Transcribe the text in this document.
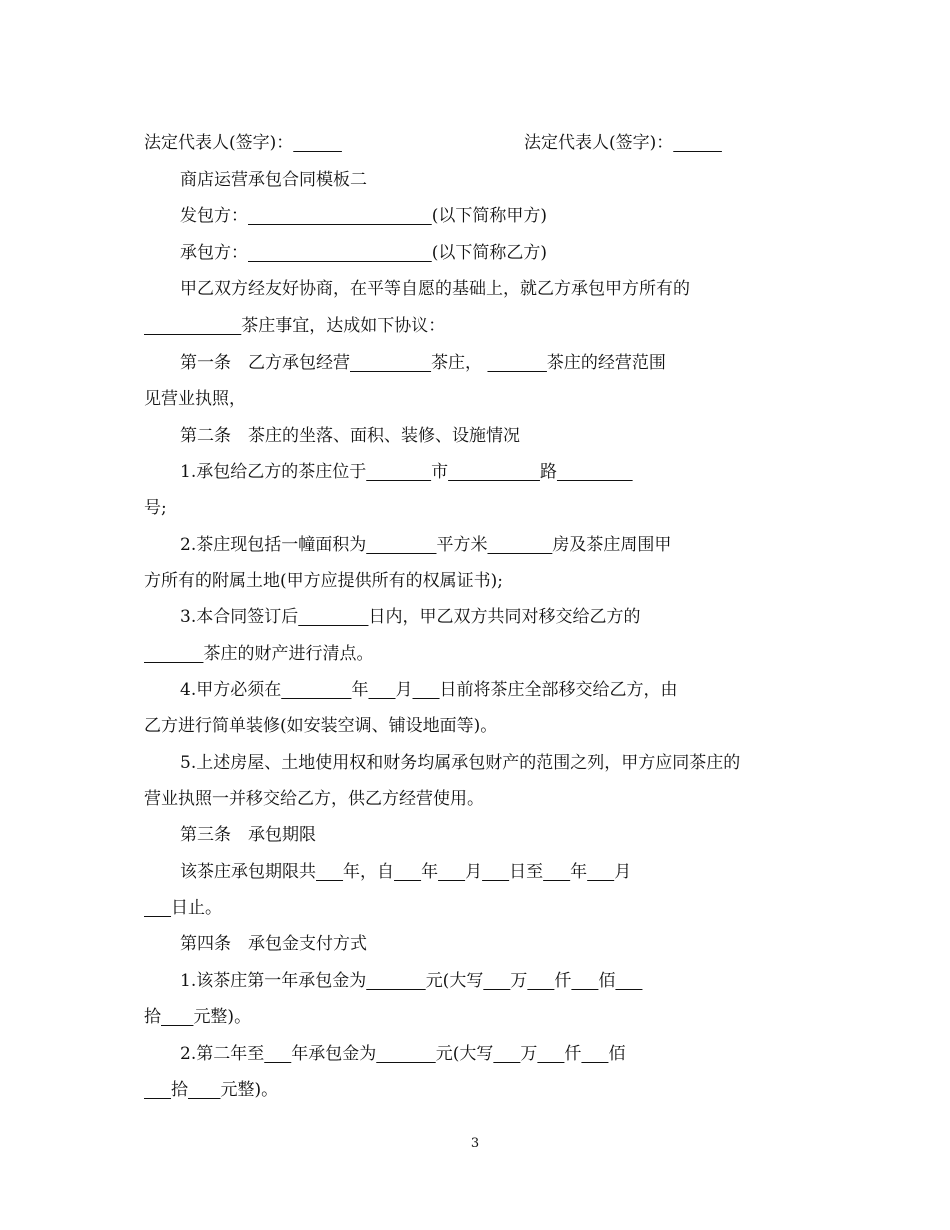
法定代表人(签字)：	法定代表人(签字)：
商店运营承包合同模板二
发包方：	(以下简称甲方)
承包方：	(以下简称乙方)
甲乙双方经友好协商，在平等自愿的基础上，就乙方承包甲方所有的
茶庄事宜，达成如下协议：
第一条　乙方承包经营	茶庄，	茶庄的经营范围
见营业执照，
第二条　茶庄的坐落、面积、装修、设施情况
1.承包给乙方的茶庄位于	市	路
号;
2.茶庄现包括一幢面积为	平方米	房及茶庄周围甲
方所有的附属土地(甲方应提供所有的权属证书);
3.本合同签订后	日内，甲乙双方共同对移交给乙方的
茶庄的财产进行清点。
4.甲方必须在	年 月 日前将茶庄全部移交给乙方，由
乙方进行简单装修(如安装空调、铺设地面等)。
5.上述房屋、土地使用权和财务均属承包财产的范围之列，甲方应同茶庄的
营业执照一并移交给乙方，供乙方经营使用。
第三条　承包期限
该茶庄承包期限共 年，自 年 月 日至 年 月
日止。
第四条　承包金支付方式
1.该茶庄第一年承包金为	元(大写 万 仟 佰
拾 元整)。
2.第二年至 年承包金为	元(大写 万 仟 佰
拾 元整)。
3
